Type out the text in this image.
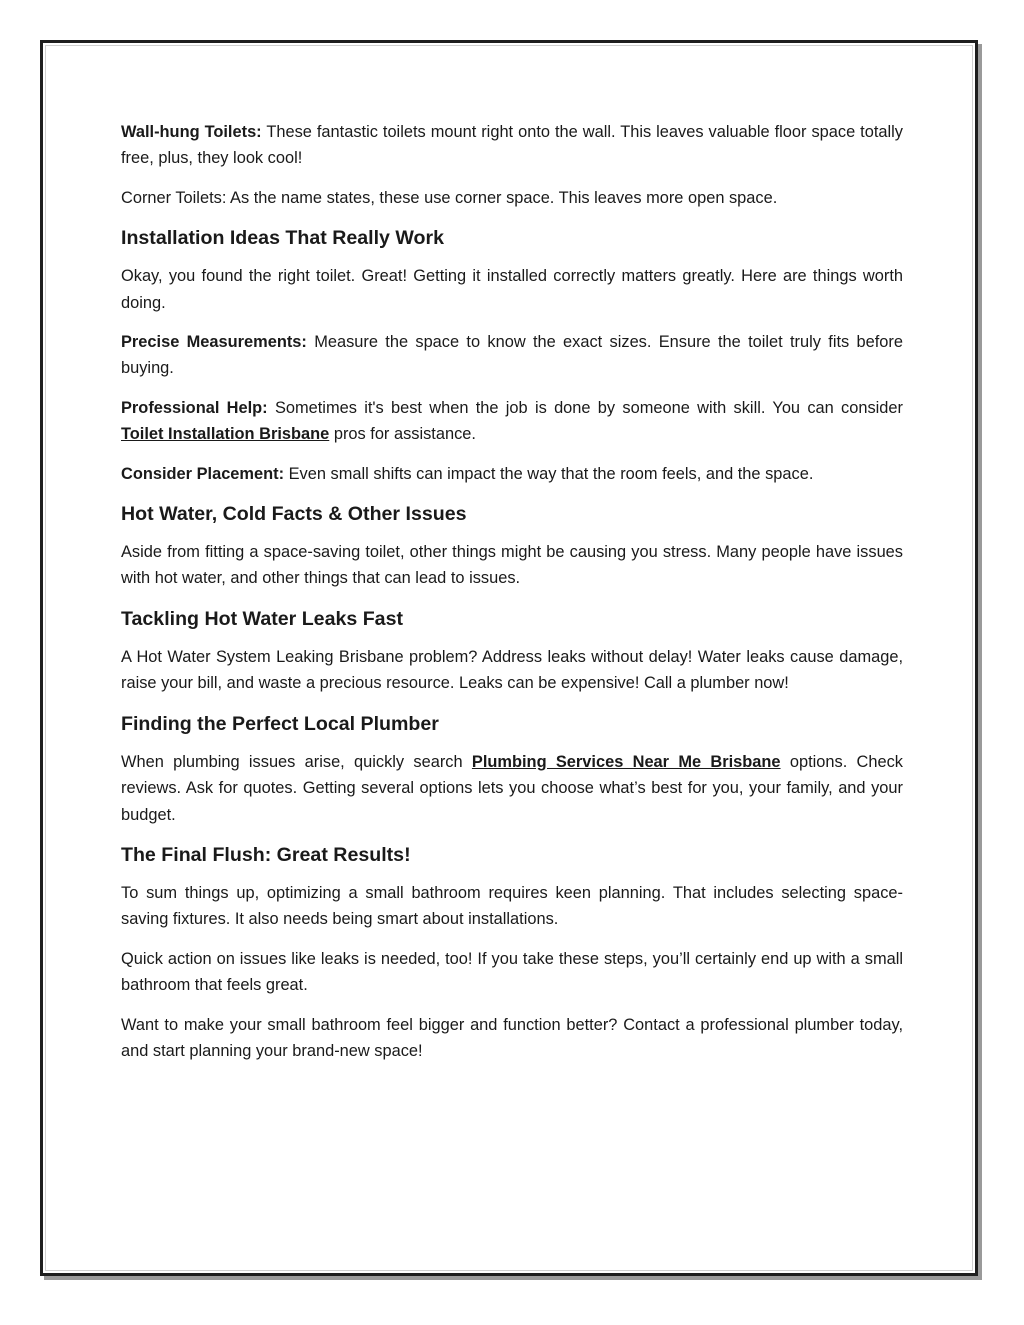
Wall-hung Toilets: These fantastic toilets mount right onto the wall. This leaves valuable floor space totally free, plus, they look cool!

Corner Toilets: As the name states, these use corner space. This leaves more open space.

Installation Ideas That Really Work

Okay, you found the right toilet. Great! Getting it installed correctly matters greatly. Here are things worth doing.

Precise Measurements: Measure the space to know the exact sizes. Ensure the toilet truly fits before buying.

Professional Help: Sometimes it's best when the job is done by someone with skill. You can consider Toilet Installation Brisbane pros for assistance.

Consider Placement: Even small shifts can impact the way that the room feels, and the space.

Hot Water, Cold Facts & Other Issues

Aside from fitting a space-saving toilet, other things might be causing you stress. Many people have issues with hot water, and other things that can lead to issues.

Tackling Hot Water Leaks Fast

A Hot Water System Leaking Brisbane problem? Address leaks without delay! Water leaks cause damage, raise your bill, and waste a precious resource. Leaks can be expensive! Call a plumber now!

Finding the Perfect Local Plumber

When plumbing issues arise, quickly search Plumbing Services Near Me Brisbane options. Check reviews. Ask for quotes. Getting several options lets you choose what’s best for you, your family, and your budget.

The Final Flush: Great Results!

To sum things up, optimizing a small bathroom requires keen planning. That includes selecting space-saving fixtures. It also needs being smart about installations.

Quick action on issues like leaks is needed, too! If you take these steps, you’ll certainly end up with a small bathroom that feels great.

Want to make your small bathroom feel bigger and function better? Contact a professional plumber today, and start planning your brand-new space!
